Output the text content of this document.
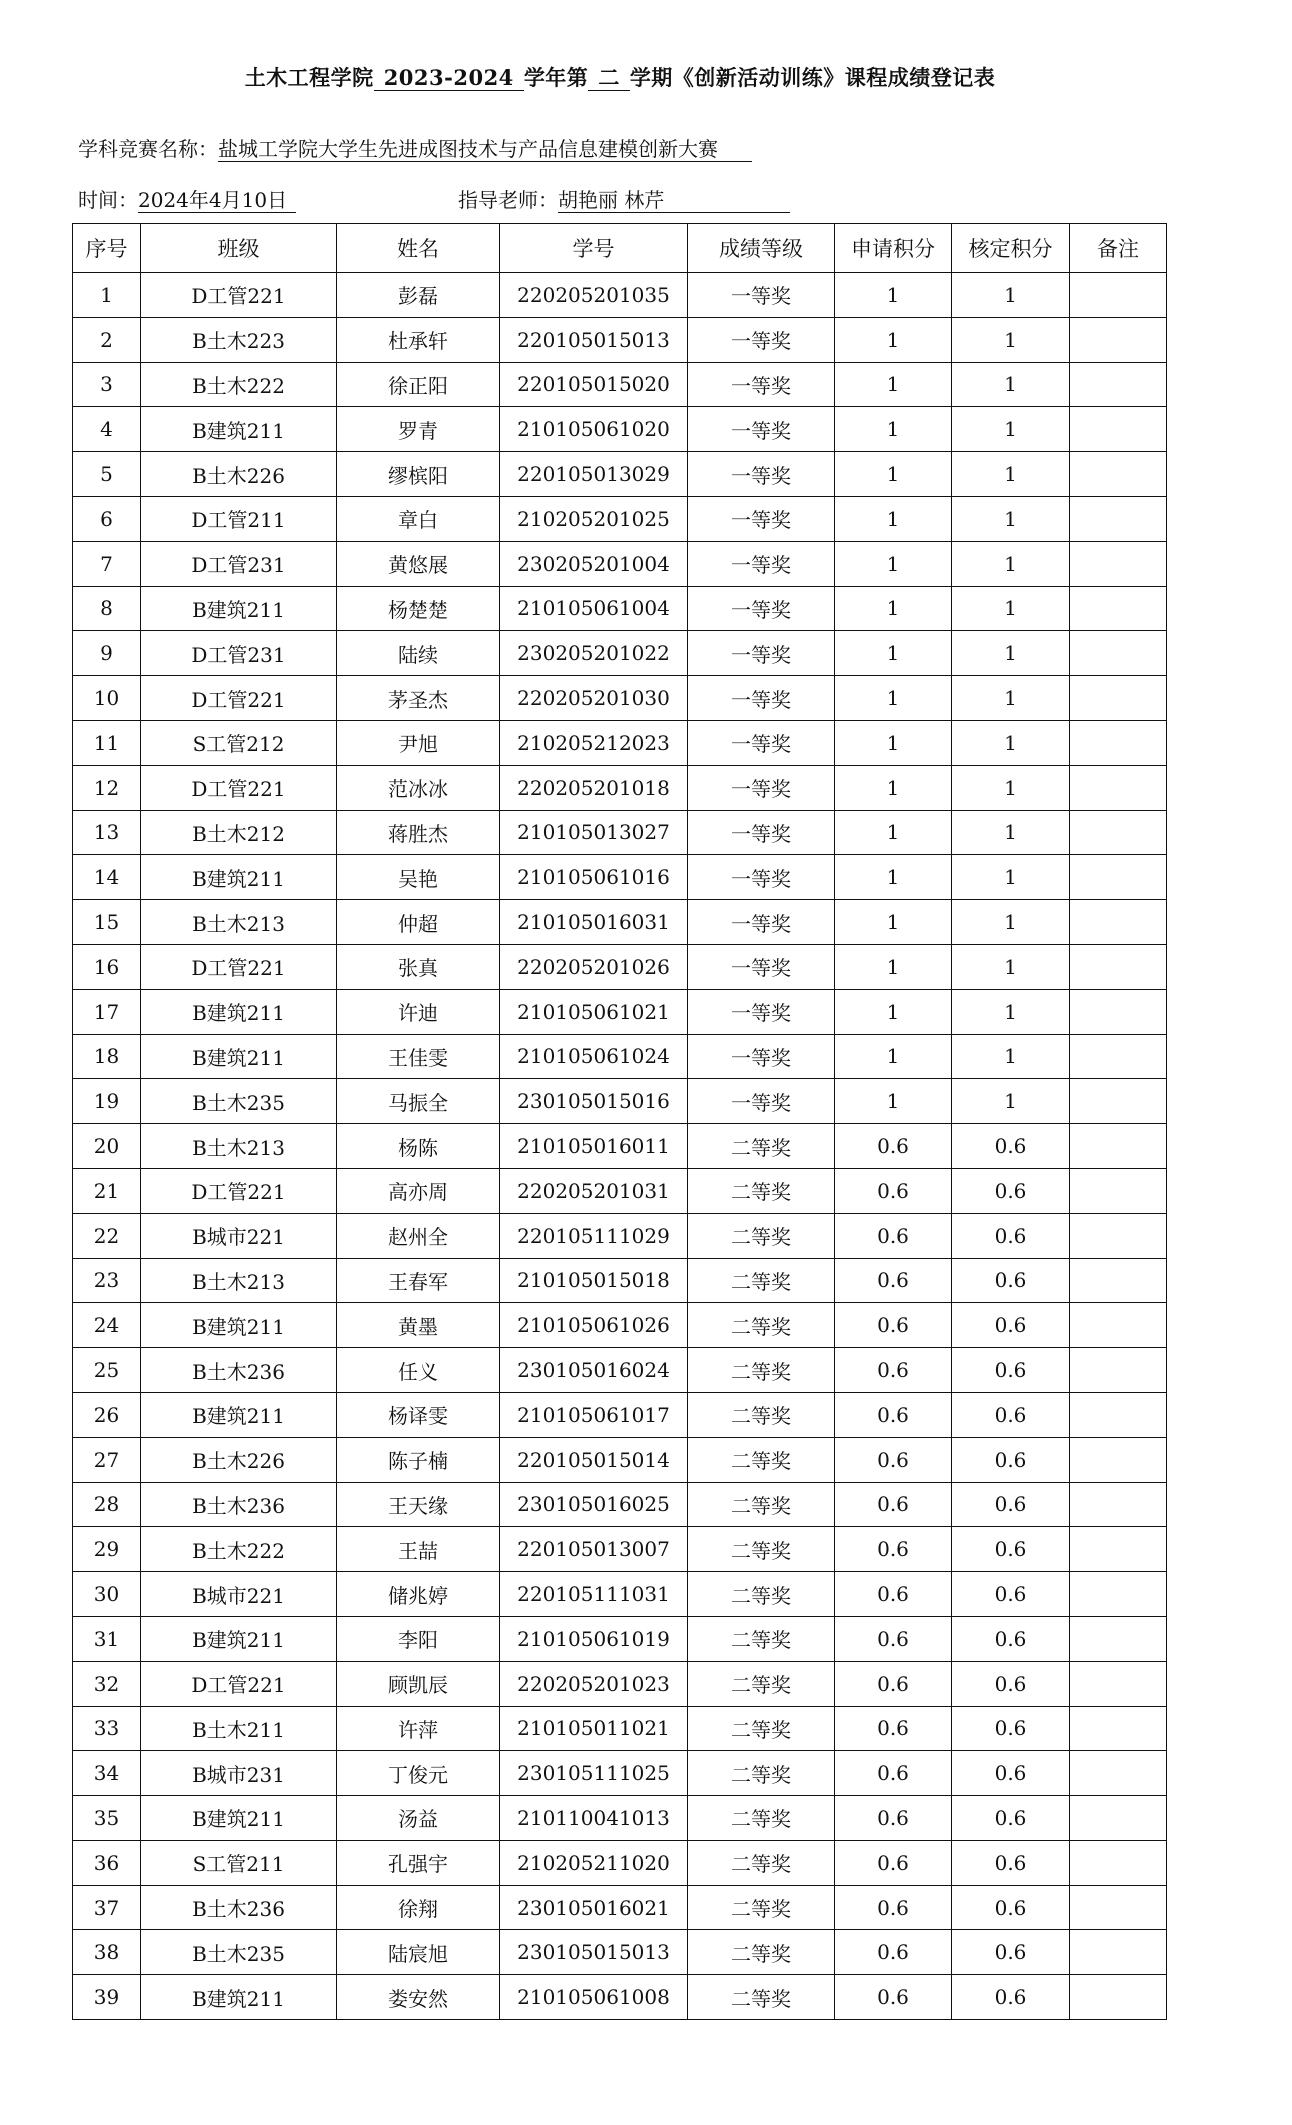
土木工程学院 2023-2024 学年第 二 学期《创新活动训练》课程成绩登记表
学科竞赛名称：盐城工学院大学生先进成图技术与产品信息建模创新大赛
时间：2024年4月10日	指导老师：胡艳丽 林芹
序号	班级	姓名	学号	成绩等级	申请积分	核定积分	备注
1	D工管221	彭磊	220205201035	一等奖	1	1	
2	B土木223	杜承轩	220105015013	一等奖	1	1	
3	B土木222	徐正阳	220105015020	一等奖	1	1	
4	B建筑211	罗青	210105061020	一等奖	1	1	
5	B土木226	缪槟阳	220105013029	一等奖	1	1	
6	D工管211	章白	210205201025	一等奖	1	1	
7	D工管231	黄悠展	230205201004	一等奖	1	1	
8	B建筑211	杨楚楚	210105061004	一等奖	1	1	
9	D工管231	陆续	230205201022	一等奖	1	1	
10	D工管221	茅圣杰	220205201030	一等奖	1	1	
11	S工管212	尹旭	210205212023	一等奖	1	1	
12	D工管221	范冰冰	220205201018	一等奖	1	1	
13	B土木212	蒋胜杰	210105013027	一等奖	1	1	
14	B建筑211	吴艳	210105061016	一等奖	1	1	
15	B土木213	仲超	210105016031	一等奖	1	1	
16	D工管221	张真	220205201026	一等奖	1	1	
17	B建筑211	许迪	210105061021	一等奖	1	1	
18	B建筑211	王佳雯	210105061024	一等奖	1	1	
19	B土木235	马振全	230105015016	一等奖	1	1	
20	B土木213	杨陈	210105016011	二等奖	0.6	0.6	
21	D工管221	高亦周	220205201031	二等奖	0.6	0.6	
22	B城市221	赵州全	220105111029	二等奖	0.6	0.6	
23	B土木213	王春军	210105015018	二等奖	0.6	0.6	
24	B建筑211	黄墨	210105061026	二等奖	0.6	0.6	
25	B土木236	任义	230105016024	二等奖	0.6	0.6	
26	B建筑211	杨译雯	210105061017	二等奖	0.6	0.6	
27	B土木226	陈子楠	220105015014	二等奖	0.6	0.6	
28	B土木236	王天缘	230105016025	二等奖	0.6	0.6	
29	B土木222	王喆	220105013007	二等奖	0.6	0.6	
30	B城市221	储兆婷	220105111031	二等奖	0.6	0.6	
31	B建筑211	李阳	210105061019	二等奖	0.6	0.6	
32	D工管221	顾凯辰	220205201023	二等奖	0.6	0.6	
33	B土木211	许萍	210105011021	二等奖	0.6	0.6	
34	B城市231	丁俊元	230105111025	二等奖	0.6	0.6	
35	B建筑211	汤益	210110041013	二等奖	0.6	0.6	
36	S工管211	孔强宇	210205211020	二等奖	0.6	0.6	
37	B土木236	徐翔	230105016021	二等奖	0.6	0.6	
38	B土木235	陆宸旭	230105015013	二等奖	0.6	0.6	
39	B建筑211	娄安然	210105061008	二等奖	0.6	0.6	
